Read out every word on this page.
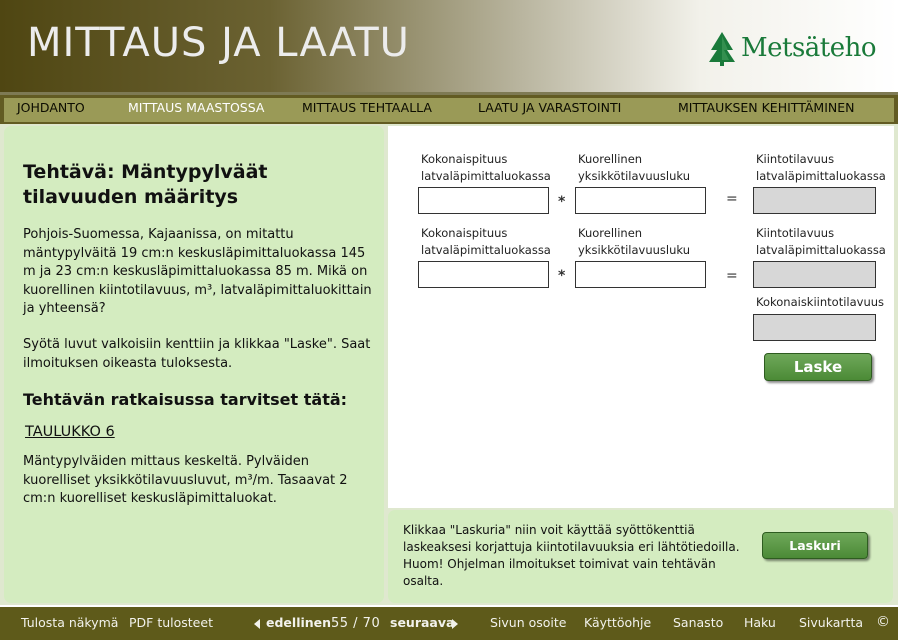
MITTAUS JA LAATU	Metsäteho
JOHDANTO	MITTAUS MAASTOSSA	MITTAUS TEHTAALLA	LAATU JA VARASTOINTI	MITTAUKSEN KEHITTÄMINEN
Tehtävä: Mäntypylväät tilavuuden määritys
Pohjois-Suomessa, Kajaanissa, on mitattu mäntypylväitä 19 cm:n keskusläpimittaluokassa 145 m ja 23 cm:n keskusläpimittaluokassa 85 m. Mikä on kuorellinen kiintotilavuus, m³, latvaläpimittaluokittain ja yhteensä?
Syötä luvut valkoisiin kenttiin ja klikkaa "Laske". Saat ilmoituksen oikeasta tuloksesta.
Tehtävän ratkaisussa tarvitset tätä:
TAULUKKO 6
Mäntypylväiden mittaus keskeltä. Pylväiden kuorelliset yksikkötilavuusluvut, m³/m. Tasaavat 2 cm:n kuorelliset keskusläpimittaluokat.
Kokonaispituus latvaläpimittaluokassa
Kuorellinen yksikkötilavuusluku
Kiintotilavuus latvaläpimittaluokassa
*	=
Kokonaispituus latvaläpimittaluokassa
Kuorellinen yksikkötilavuusluku
Kiintotilavuus latvaläpimittaluokassa
*	=
Kokonaiskiintotilavuus
Laske
Klikkaa "Laskuria" niin voit käyttää syöttökenttiä laskeaksesi korjattuja kiintotilavuuksia eri lähtötiedoilla. Huom! Ohjelman ilmoitukset toimivat vain tehtävän osalta.
Laskuri
Tulosta näkymä PDF tulosteet	edellinen 55 / 70 seuraava	Sivun osoite Käyttöohje Sanasto Haku Sivukartta ©
